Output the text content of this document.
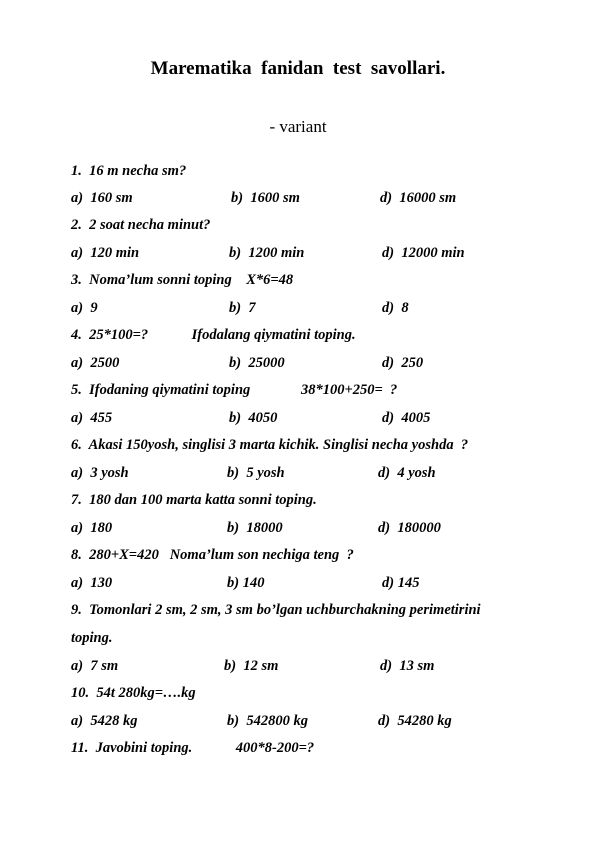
Marematika  fanidan  test  savollari.
- variant
1.  16 m necha sm?
a)  160 sm	b)  1600 sm	d)  16000 sm
2.  2 soat necha minut?
a)  120 min	b)  1200 min	d)  12000 min
3.  Noma’lum sonni toping    X*6=48
a)  9	b)  7	d)  8
4.  25*100=?            Ifodalang qiymatini toping.
a)  2500	b)  25000	d)  250
5.  Ifodaning qiymatini toping              38*100+250=  ?
a)  455	b)  4050	d)  4005
6.  Akasi 150yosh, singlisi 3 marta kichik. Singlisi necha yoshda  ?
a)  3 yosh	b)  5 yosh	d)  4 yosh
7.  180 dan 100 marta katta sonni toping.
a)  180	b)  18000	d)  180000
8.  280+X=420   Noma’lum son nechiga teng  ?
a)  130	b) 140	d) 145
9.  Tomonlari 2 sm, 2 sm, 3 sm bo’lgan uchburchakning perimetirini
toping.
a)  7 sm	b)  12 sm	d)  13 sm
10.  54t 280kg=….kg
a)  5428 kg	b)  542800 kg	d)  54280 kg
11.  Javobini toping.            400*8-200=?
